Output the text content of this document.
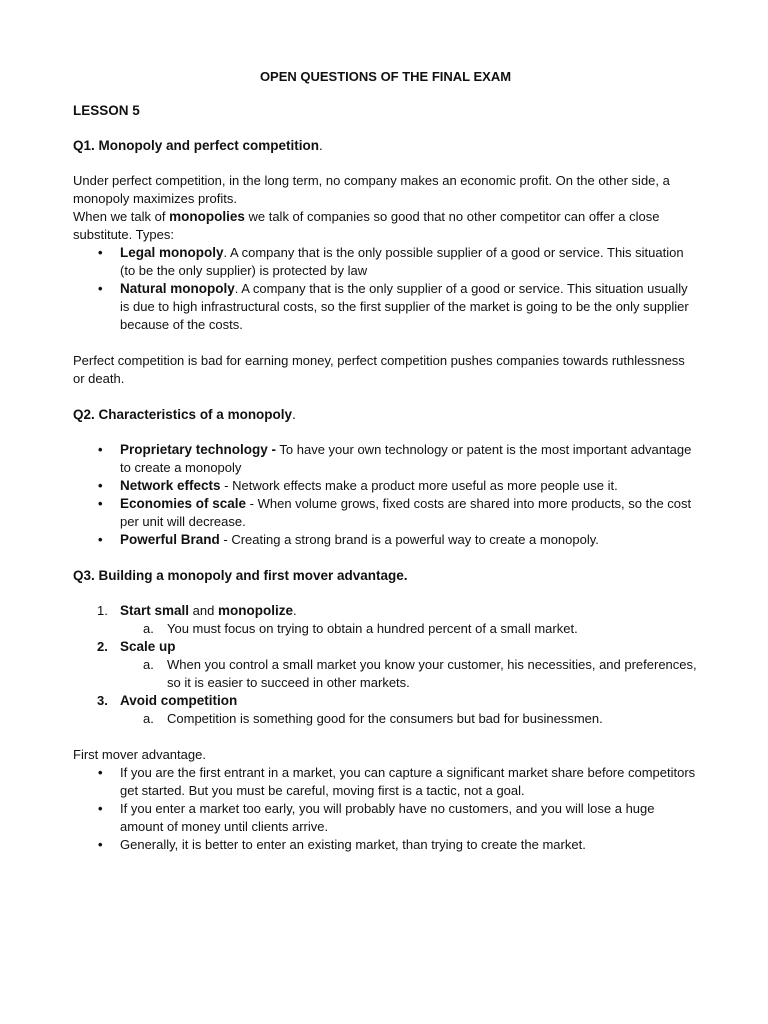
OPEN QUESTIONS OF THE FINAL EXAM
LESSON 5
Q1. Monopoly and perfect competition.

Under perfect competition, in the long term, no company makes an economic profit. On the other side, a monopoly maximizes profits.

When we talk of monopolies we talk of companies so good that no other competitor can offer a close substitute. Types:

• Legal monopoly. A company that is the only possible supplier of a good or service. This situation (to be the only supplier) is protected by law
• Natural monopoly. A company that is the only supplier of a good or service. This situation usually is due to high infrastructural costs, so the first supplier of the market is going to be the only supplier because of the costs.

Perfect competition is bad for earning money, perfect competition pushes companies towards ruthlessness or death.

Q2. Characteristics of a monopoly.
• Proprietary technology - To have your own technology or patent is the most important advantage to create a monopoly
• Network effects - Network effects make a product more useful as more people use it.
• Economies of scale - When volume grows, fixed costs are shared into more products, so the cost per unit will decrease.
• Powerful Brand - Creating a strong brand is a powerful way to create a monopoly.
Q3. Building a monopoly and first mover advantage.
1. Start small and monopolize.
a. You must focus on trying to obtain a hundred percent of a small market.
2. Scale up
a. When you control a small market you know your customer, his necessities, and preferences, so it is easier to succeed in other markets.
3. Avoid competition
a. Competition is something good for the consumers but bad for businessmen.

First mover advantage.

• If you are the first entrant in a market, you can capture a significant market share before competitors get started. But you must be careful, moving first is a tactic, not a goal.
• If you enter a market too early, you will probably have no customers, and you will lose a huge amount of money until clients arrive.
• Generally, it is better to enter an existing market, than trying to create the market.
